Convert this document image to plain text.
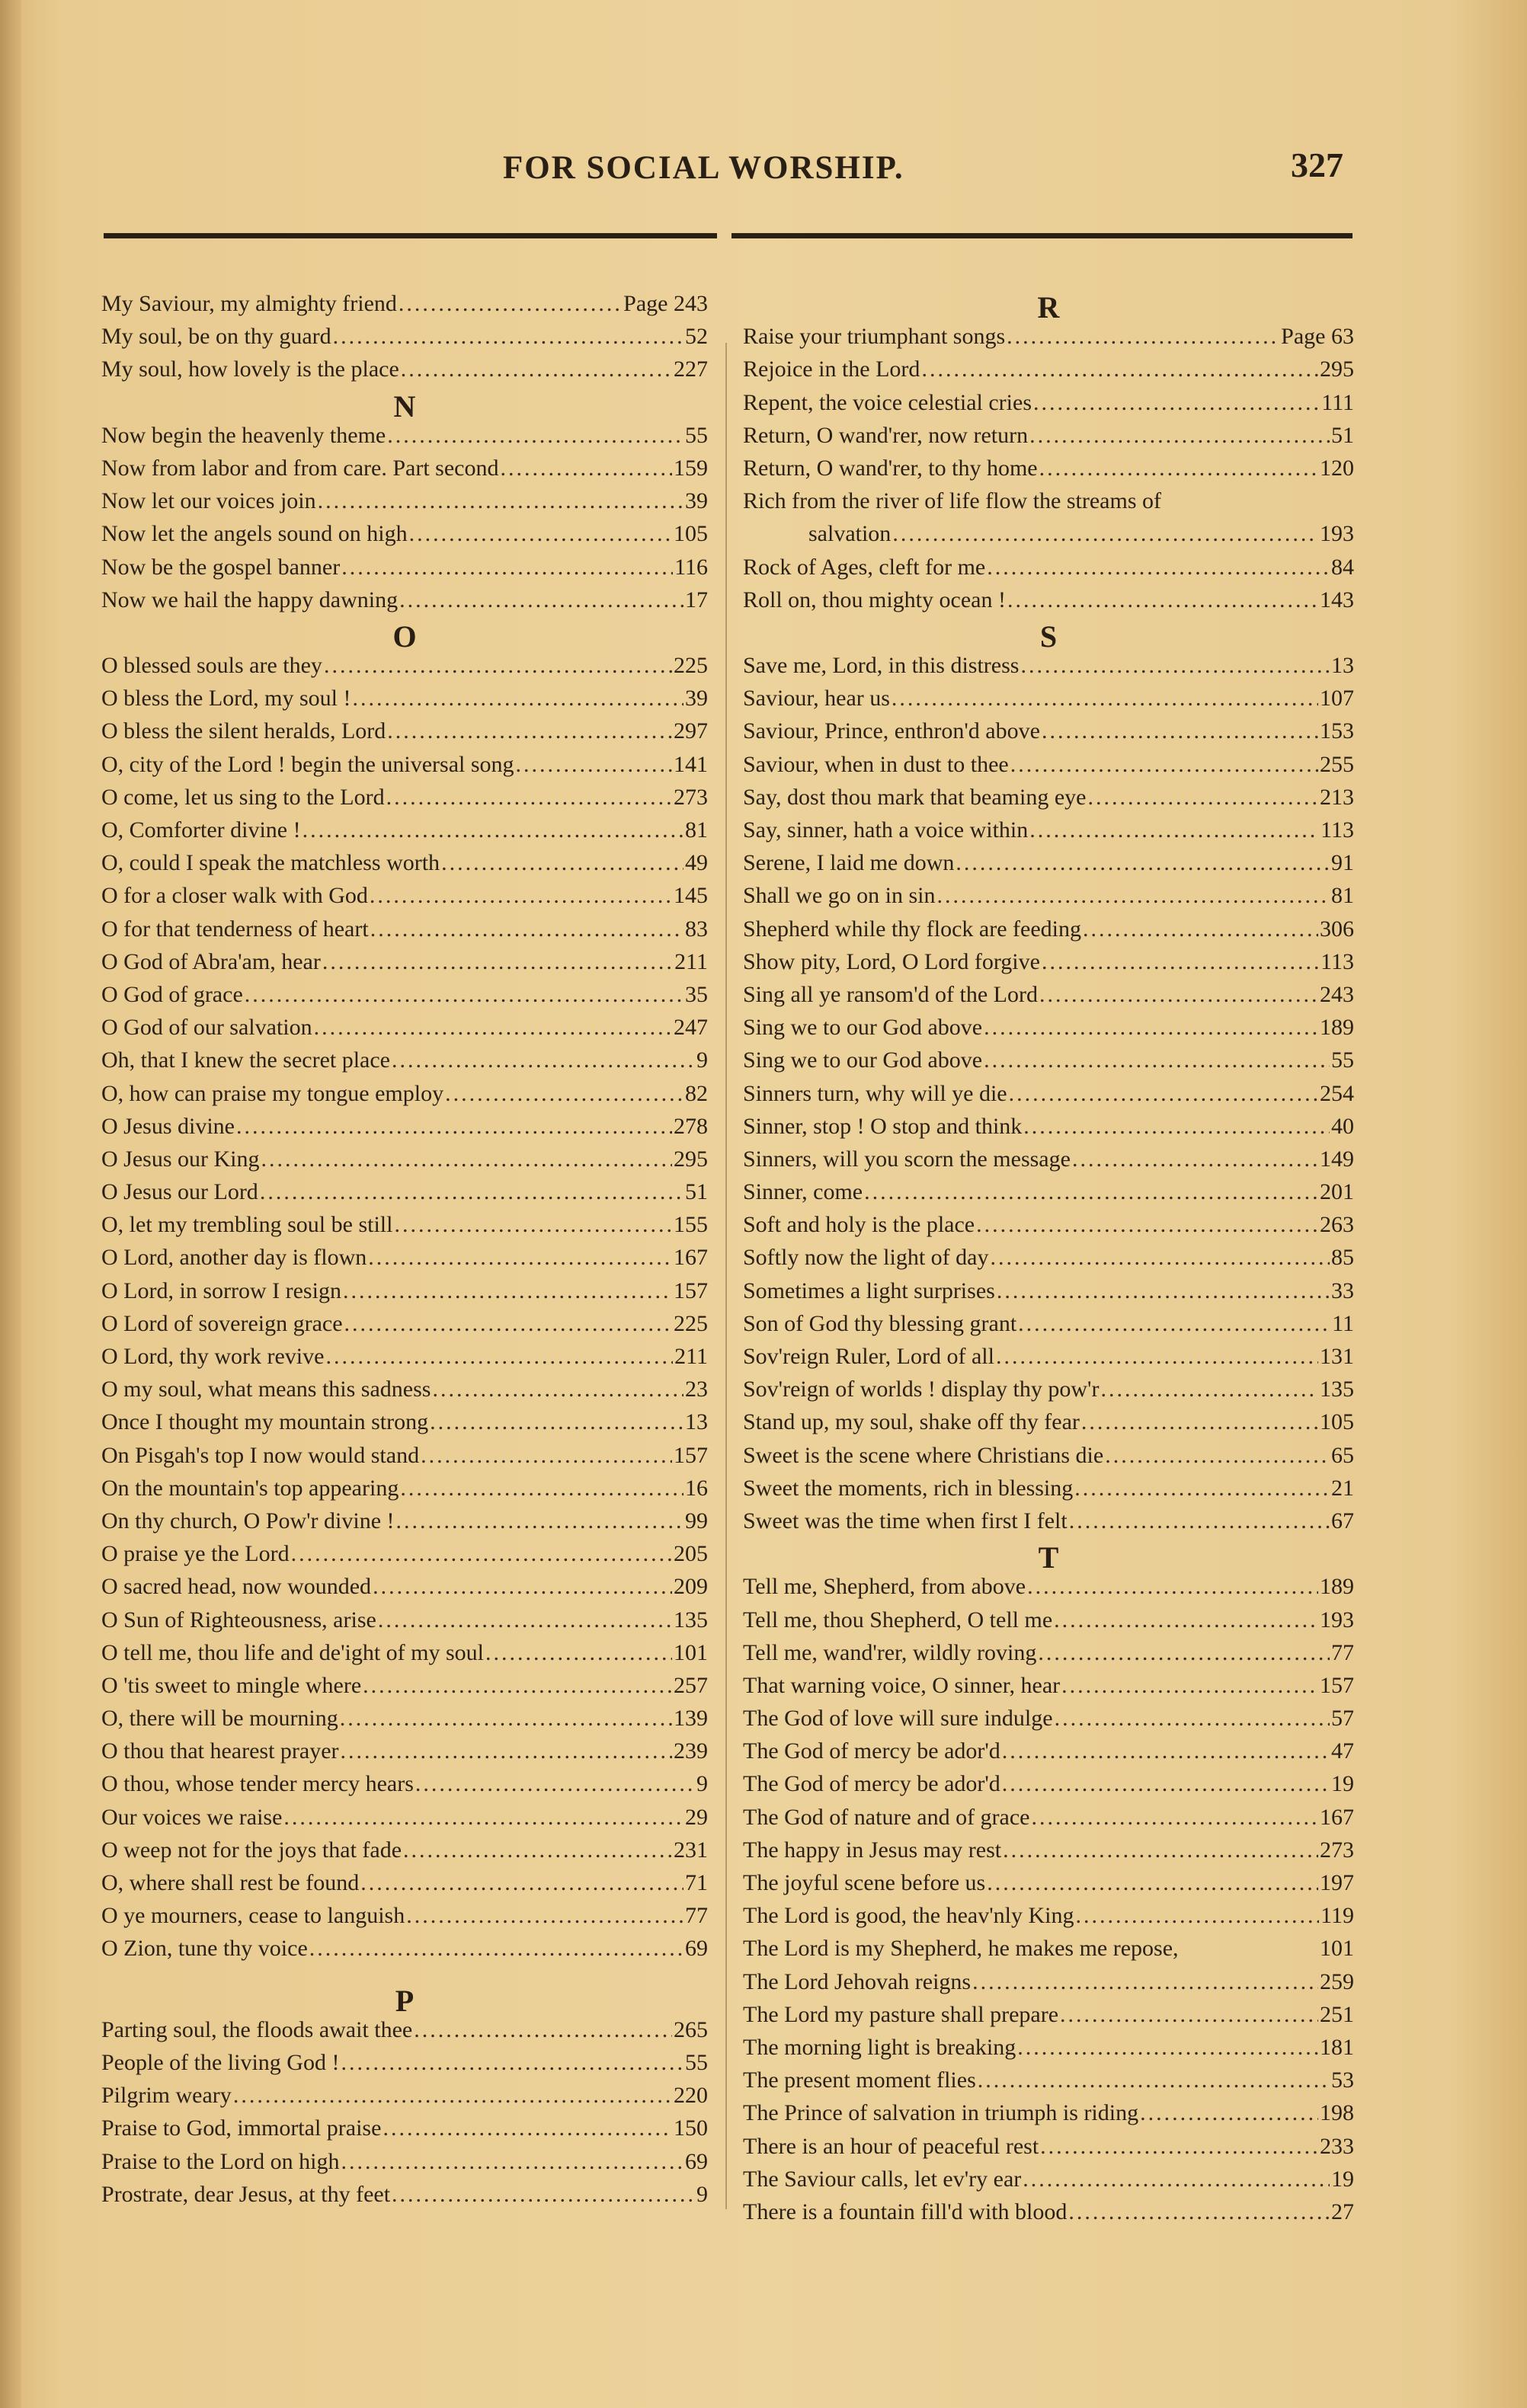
FOR SOCIAL WORSHIP.	327
My Saviour, my almighty friend .....	Page 243
My soul, be on thy guard .....	52
My soul, how lovely is the place .....	227
N
Now begin the heavenly theme .....	55
Now from labor and from care. Part second .....	159
Now let our voices join .....	39
Now let the angels sound on high .....	105
Now be the gospel banner .....	116
Now we hail the happy dawning .....	17
O
O blessed souls are they .....	225
O bless the Lord, my soul ! .....	39
O bless the silent heralds, Lord .....	297
O, city of the Lord ! begin the universal song .....	141
O come, let us sing to the Lord .....	273
O, Comforter divine ! .....	81
O, could I speak the matchless worth .....	49
O for a closer walk with God .....	145
O for that tenderness of heart .....	83
O God of Abra'am, hear .....	211
O God of grace .....	35
O God of our salvation .....	247
Oh, that I knew the secret place .....	9
O, how can praise my tongue employ .....	82
O Jesus divine .....	278
O Jesus our King .....	295
O Jesus our Lord .....	51
O, let my trembling soul be still .....	155
O Lord, another day is flown .....	167
O Lord, in sorrow I resign .....	157
O Lord of sovereign grace .....	225
O Lord, thy work revive .....	211
O my soul, what means this sadness .....	23
Once I thought my mountain strong .....	13
On Pisgah's top I now would stand .....	157
On the mountain's top appearing .....	16
On thy church, O Pow'r divine ! .....	99
O praise ye the Lord .....	205
O sacred head, now wounded .....	209
O Sun of Righteousness, arise .....	135
O tell me, thou life and de'ight of my soul .....	101
O 'tis sweet to mingle where .....	257
O, there will be mourning .....	139
O thou that hearest prayer .....	239
O thou, whose tender mercy hears .....	9
Our voices we raise .....	29
O weep not for the joys that fade .....	231
O, where shall rest be found .....	71
O ye mourners, cease to languish .....	77
O Zion, tune thy voice .....	69
P
Parting soul, the floods await thee .....	265
People of the living God ! .....	55
Pilgrim weary .....	220
Praise to God, immortal praise .....	150
Praise to the Lord on high .....	69
Prostrate, dear Jesus, at thy feet .....	9
R
Raise your triumphant songs .....	Page 63
Rejoice in the Lord .....	295
Repent, the voice celestial cries .....	111
Return, O wand'rer, now return .....	51
Return, O wand'rer, to thy home .....	120
Rich from the river of life flow the streams of
salvation .....	193
Rock of Ages, cleft for me .....	84
Roll on, thou mighty ocean ! .....	143
S
Save me, Lord, in this distress .....	13
Saviour, hear us .....	107
Saviour, Prince, enthron'd above .....	153
Saviour, when in dust to thee .....	255
Say, dost thou mark that beaming eye .....	213
Say, sinner, hath a voice within .....	113
Serene, I laid me down .....	91
Shall we go on in sin .....	81
Shepherd while thy flock are feeding .....	306
Show pity, Lord, O Lord forgive .....	113
Sing all ye ransom'd of the Lord .....	243
Sing we to our God above .....	189
Sing we to our God above .....	55
Sinners turn, why will ye die .....	254
Sinner, stop ! O stop and think .....	40
Sinners, will you scorn the message .....	149
Sinner, come .....	201
Soft and holy is the place .....	263
Softly now the light of day .....	85
Sometimes a light surprises .....	33
Son of God thy blessing grant .....	11
Sov'reign Ruler, Lord of all .....	131
Sov'reign of worlds ! display thy pow'r .....	135
Stand up, my soul, shake off thy fear .....	105
Sweet is the scene where Christians die .....	65
Sweet the moments, rich in blessing .....	21
Sweet was the time when first I felt .....	67
T
Tell me, Shepherd, from above .....	189
Tell me, thou Shepherd, O tell me .....	193
Tell me, wand'rer, wildly roving .....	77
That warning voice, O sinner, hear .....	157
The God of love will sure indulge .....	57
The God of mercy be ador'd .....	47
The God of mercy be ador'd .....	19
The God of nature and of grace .....	167
The happy in Jesus may rest .....	273
The joyful scene before us .....	197
The Lord is good, the heav'nly King .....	119
The Lord is my Shepherd, he makes me repose,	101
The Lord Jehovah reigns .....	259
The Lord my pasture shall prepare .....	251
The morning light is breaking .....	181
The present moment flies .....	53
The Prince of salvation in triumph is riding .....	198
There is an hour of peaceful rest .....	233
The Saviour calls, let ev'ry ear .....	19
There is a fountain fill'd with blood .....	27
